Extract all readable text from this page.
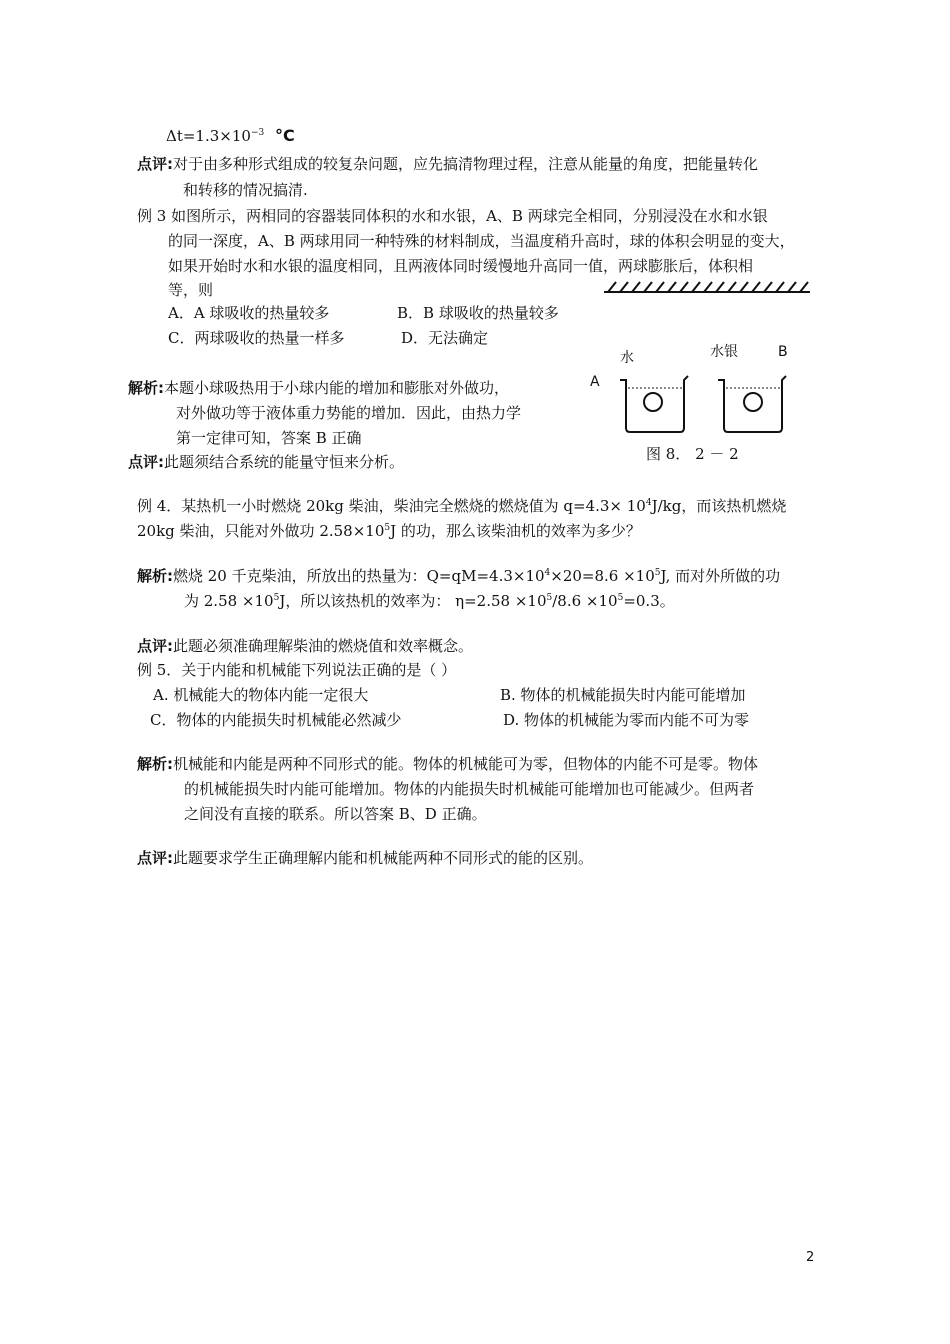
$\Delta t=1.3\times 10^{-3}$ °C
点评:对于由多种形式组成的较复杂问题，应先搞清物理过程，注意从能量的角度，把能量转化
和转移的情况搞清.
例 3 如图所示，两相同的容器装同体积的水和水银，A、B 两球完全相同，分别浸没在水和水银
的同一深度，A、B 两球用同一种特殊的材料制成，当温度稍升高时，球的体积会明显的变大，
如果开始时水和水银的温度相同，且两液体同时缓慢地升高同一值，两球膨胀后，体积相
等，则
A．A 球吸收的热量较多	B．B 球吸收的热量较多
C．两球吸收的热量一样多	D．无法确定
解析:本题小球吸热用于小球内能的增加和膨胀对外做功，
对外做功等于液体重力势能的增加．因此，由热力学
第一定律可知，答案 B 正确
点评:此题须结合系统的能量守恒来分析。
水	水银
A
B
图 8． 2 － 2
例 4．某热机一小时燃烧 20kg 柴油，柴油完全燃烧的燃烧值为 $q=4.3\times 10^4J/kg$，而该热机燃烧
20kg 柴油，只能对外做功 $2.58\times 10^5J$ 的功，那么该柴油机的效率为多少？
解析:燃烧 20 千克柴油，所放出的热量为：$Q=qM=4.3\times 10^4\times 20=8.6 \times 10^5J$, 而对外所做的功
为 $2.58 \times 10^5J$，所以该热机的效率为： $\eta=2.58 \times 10^5/8.6 \times 10^5=0.3$。
点评:此题必须准确理解柴油的燃烧值和效率概念。
例 5．关于内能和机械能下列说法正确的是（ ）
A. 机械能大的物体内能一定很大	B. 物体的机械能损失时内能可能增加
C．物体的内能损失时机械能必然减少	D. 物体的机械能为零而内能不可为零
解析:机械能和内能是两种不同形式的能。物体的机械能可为零，但物体的内能不可是零。物体
的机械能损失时内能可能增加。物体的内能损失时机械能可能增加也可能减少。但两者
之间没有直接的联系。所以答案 B、D 正确。
点评:此题要求学生正确理解内能和机械能两种不同形式的能的区别。
2
